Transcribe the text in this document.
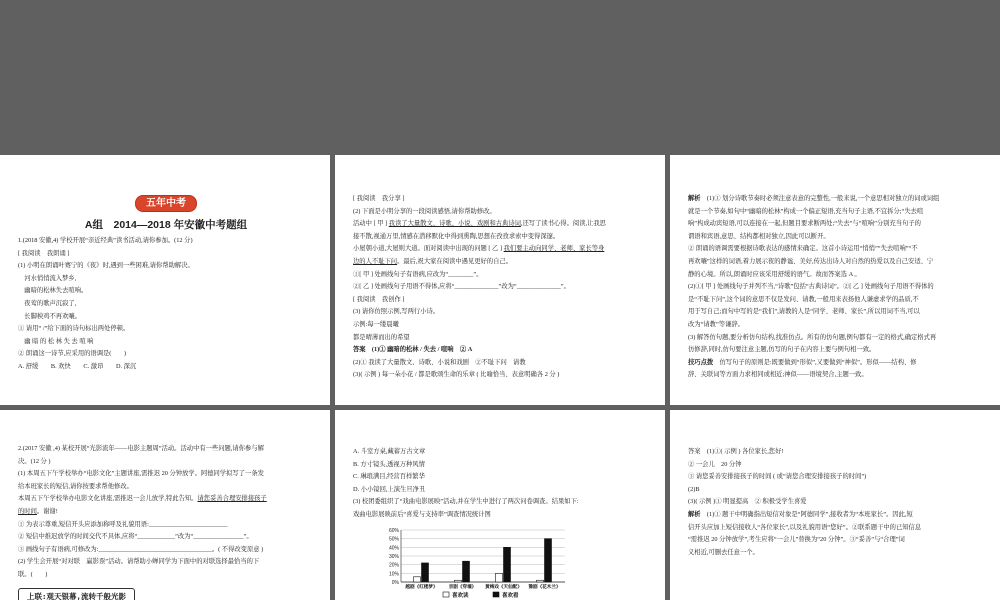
五年中考

A组　2014—2018 年安徽中考题组

1.(2018 安徽,4) 学校开展“亲近经典”读书活动,请你参加。(12 分)

[ 我阅读　我朗诵 ]

(1) 小明在朗诵叶赛宁的《夜》时,遇到一些困难,请你帮助解决。

　河水悄悄流入梦乡,

　幽暗的松林失去喧响。

　夜莺的歌声沉寂了,

　长脚秧鸡不再欢嚷。

① 请用“ /”给下面的诗句标出两处停顿。

　幽 暗 的 松 林 失 去 喧 响

② 朗诵这一诗节,应采用的语调是(　　)

A. 舒缓　　B. 欢快　　C. 激昂　　D. 深沉

[ 我阅读　我分享 ]

(2) 下面是小明分享的一段阅读感悟,请你帮助修改。

活动中 [ 甲 ] 我读了大量散文、诗歌、小说、戏剧和古典诗词,还写了读书心得。阅读,让我思

接不散,视通万里,情感在潜移默化中得到熏陶,思想在孜孜求索中变得深邃。

小屋朝小道,大屋则大道。面对阅读中出现的问题 [ 乙 ] 我们要主动向同学、老师、家长等身

边的人不耻下问。最后,祝大家在阅读中遇见更好的自己。

①[ 甲 ] 处画线句子有语病,应改为“________”。

②[ 乙 ] 处画线句子用语不得体,应将“______________”改为“______________”。

[ 我阅读　我创作 ]

(3) 请你仿照示例,写两行小诗。

示例:每一缕晨曦

都是晴薄而出的希望

答案　(1)① 幽暗的松林 / 失去 / 喧响　② A

(2)① 我读了大量散文、诗歌、小说和戏剧　②不耻下问　请教

(3)( 示例 ) 每一朵小花 / 都是歌颂生命的乐章 ( 比喻恰当、表意明确各 2 分 )

解析　(1)① 划分诗歌节奏时必须注意表意的完整性,一般来说,一个意思相对独立的词或词组

就是一个节奏,如句中“幽暗的松林”构成一个偏正短语,充当句子主语,不宜拆分;“失去喧

响”构成动宾短语,可以连接在一起,但题目要求断两处;“失去”与“喧响”分别充当句子的

谓语和宾语,意思、结构都相对独立,因此可以断开。

② 朗诵的语调需要根据诗歌表达的感情来确定。这首小诗运用“悄悄”“失去喧响”“不

再欢嚷”这样的词语,着力展示夜的静谧、美好,传达出诗人对自然的热爱以及自己安适、宁

静的心境。所以,朗诵时应该采用舒缓的语气。故而答案选 A 。

(2)①[ 甲 ] 处画线句子并列不当,“诗歌”包括“古典诗词”。②[ 乙 ] 处画线句子用语不得体的

是“不耻下问”,这个词的意思不仅是发问、请教,一般用来表扬他人谦虚求学的品质,不

用于写自己;而句中写的是“我们”,请教的人是“同学、老师、家长”,所以用词不当,可以

改为“请教”等谦辞。

(3) 解答仿句题,要分析仿句结构,找准仿点。所有的仿句题,例句都有一定的格式,确定格式再

仿修辞,同时,仿句要注意主题,仿写的句子在内容上要与例句相一致。

技巧点拨　仿写句子的原则是:既要做到“形似”,又要做到“神似”。形似——结构、修

辞、关联词等方面力求相同或相近;神似——语境契合,主题一致。

2.(2017 安徽 ,4) 某校开展“光影流年——电影主题周”活动。活动中有一些问题,请你参与解

决。(12 分 )

(1) 本周五下午学校举办“电影文化”主题讲座,需推迟 20 分钟放学。阿德同学拟写了一条发

给本班家长的短信,请你按要求帮他修改。

本周五下午学校举办电影文化讲座,需推迟一会儿放学,特此告知。请您妥善合理安排接孩子

的时间。谢谢!

① 为表示尊重,短信开头应添加称呼及礼貌用语:_________________________

② 短信中推迟放学的时间交代不具体,应将“____________”改为“________________”。

③ 画线句子有语病,可修改为:____________________________________。( 不得改变原意 )

(2) 学生会开展“对对联　赢影票”活动。请帮助小蝉同学为下面中的对联选择最恰当的下

联。(　　)

上联:观天银幕,流转千般光影

A. 斗室方桌,藏蓄万古文章

B. 方寸镜头,透视万种风情

C. 琳琅满目,经营百样繁华

D. 小小镜回,上演生旦净丑

(3) 校团委组织了“戏曲电影展映”活动,并在学生中进行了两次问卷调查。结果如下:

戏曲电影展映前后“喜爱与支持率”调查情况统计图

0%
10%
20%
30%
40%
50%
60%
越剧《红楼梦》 京剧《穿墙》 黄梅戏《天仙配》 豫剧《花木兰》
喜欢读	喜欢看

答案　(1)①( 示例 ) 各位家长,您好!

② 一会儿　20 分钟

③ 请您妥善安排接孩子的时间 ( 或“请您合理安排接孩子的时间”)

(2)B

(3)( 示例 )① 明显提高　② 积极受学生喜爱

解析　(1)① 题干中明确指出短信对象是“阿德同学”,接收者为“本班家长”。因此,短

信开头应加上短信接收人“各位家长”,以及礼貌用语“您好”。②联系题干中的已知信息

“需推迟 20 分钟放学”,考生应将“一会儿”替换为“20 分钟”。③“妥善”与“合理”词

义相近,可删去任意一个。
